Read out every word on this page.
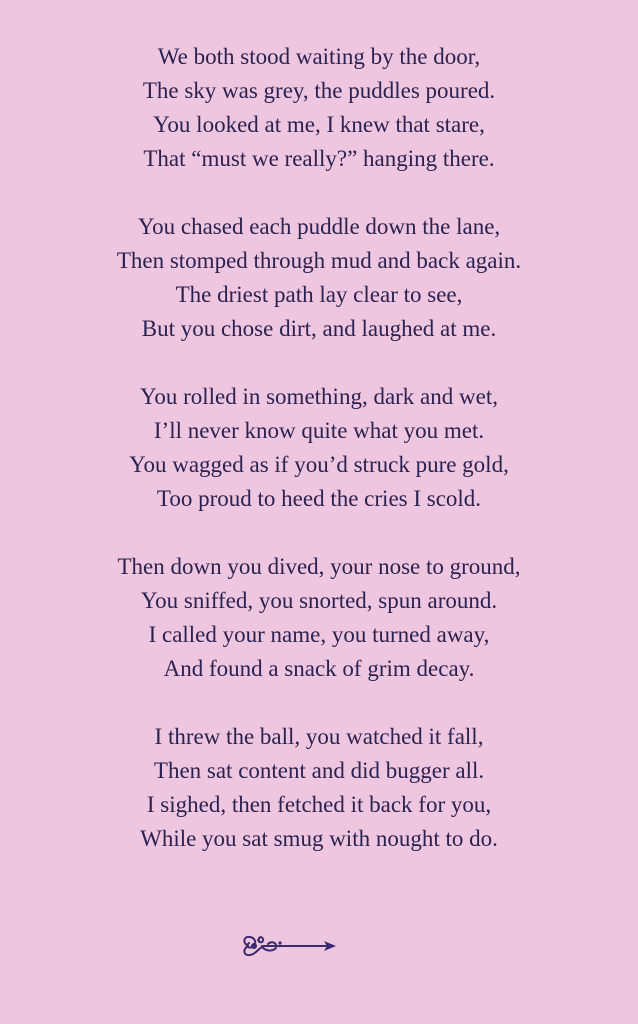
We both stood waiting by the door,
The sky was grey, the puddles poured.
You looked at me, I knew that stare,
That “must we really?” hanging there.
You chased each puddle down the lane,
Then stomped through mud and back again.
The driest path lay clear to see,
But you chose dirt, and laughed at me.
You rolled in something, dark and wet,
I’ll never know quite what you met.
You wagged as if you’d struck pure gold,
Too proud to heed the cries I scold.
Then down you dived, your nose to ground,
You sniffed, you snorted, spun around.
I called your name, you turned away,
And found a snack of grim decay.
I threw the ball, you watched it fall,
Then sat content and did bugger all.
I sighed, then fetched it back for you,
While you sat smug with nought to do.
